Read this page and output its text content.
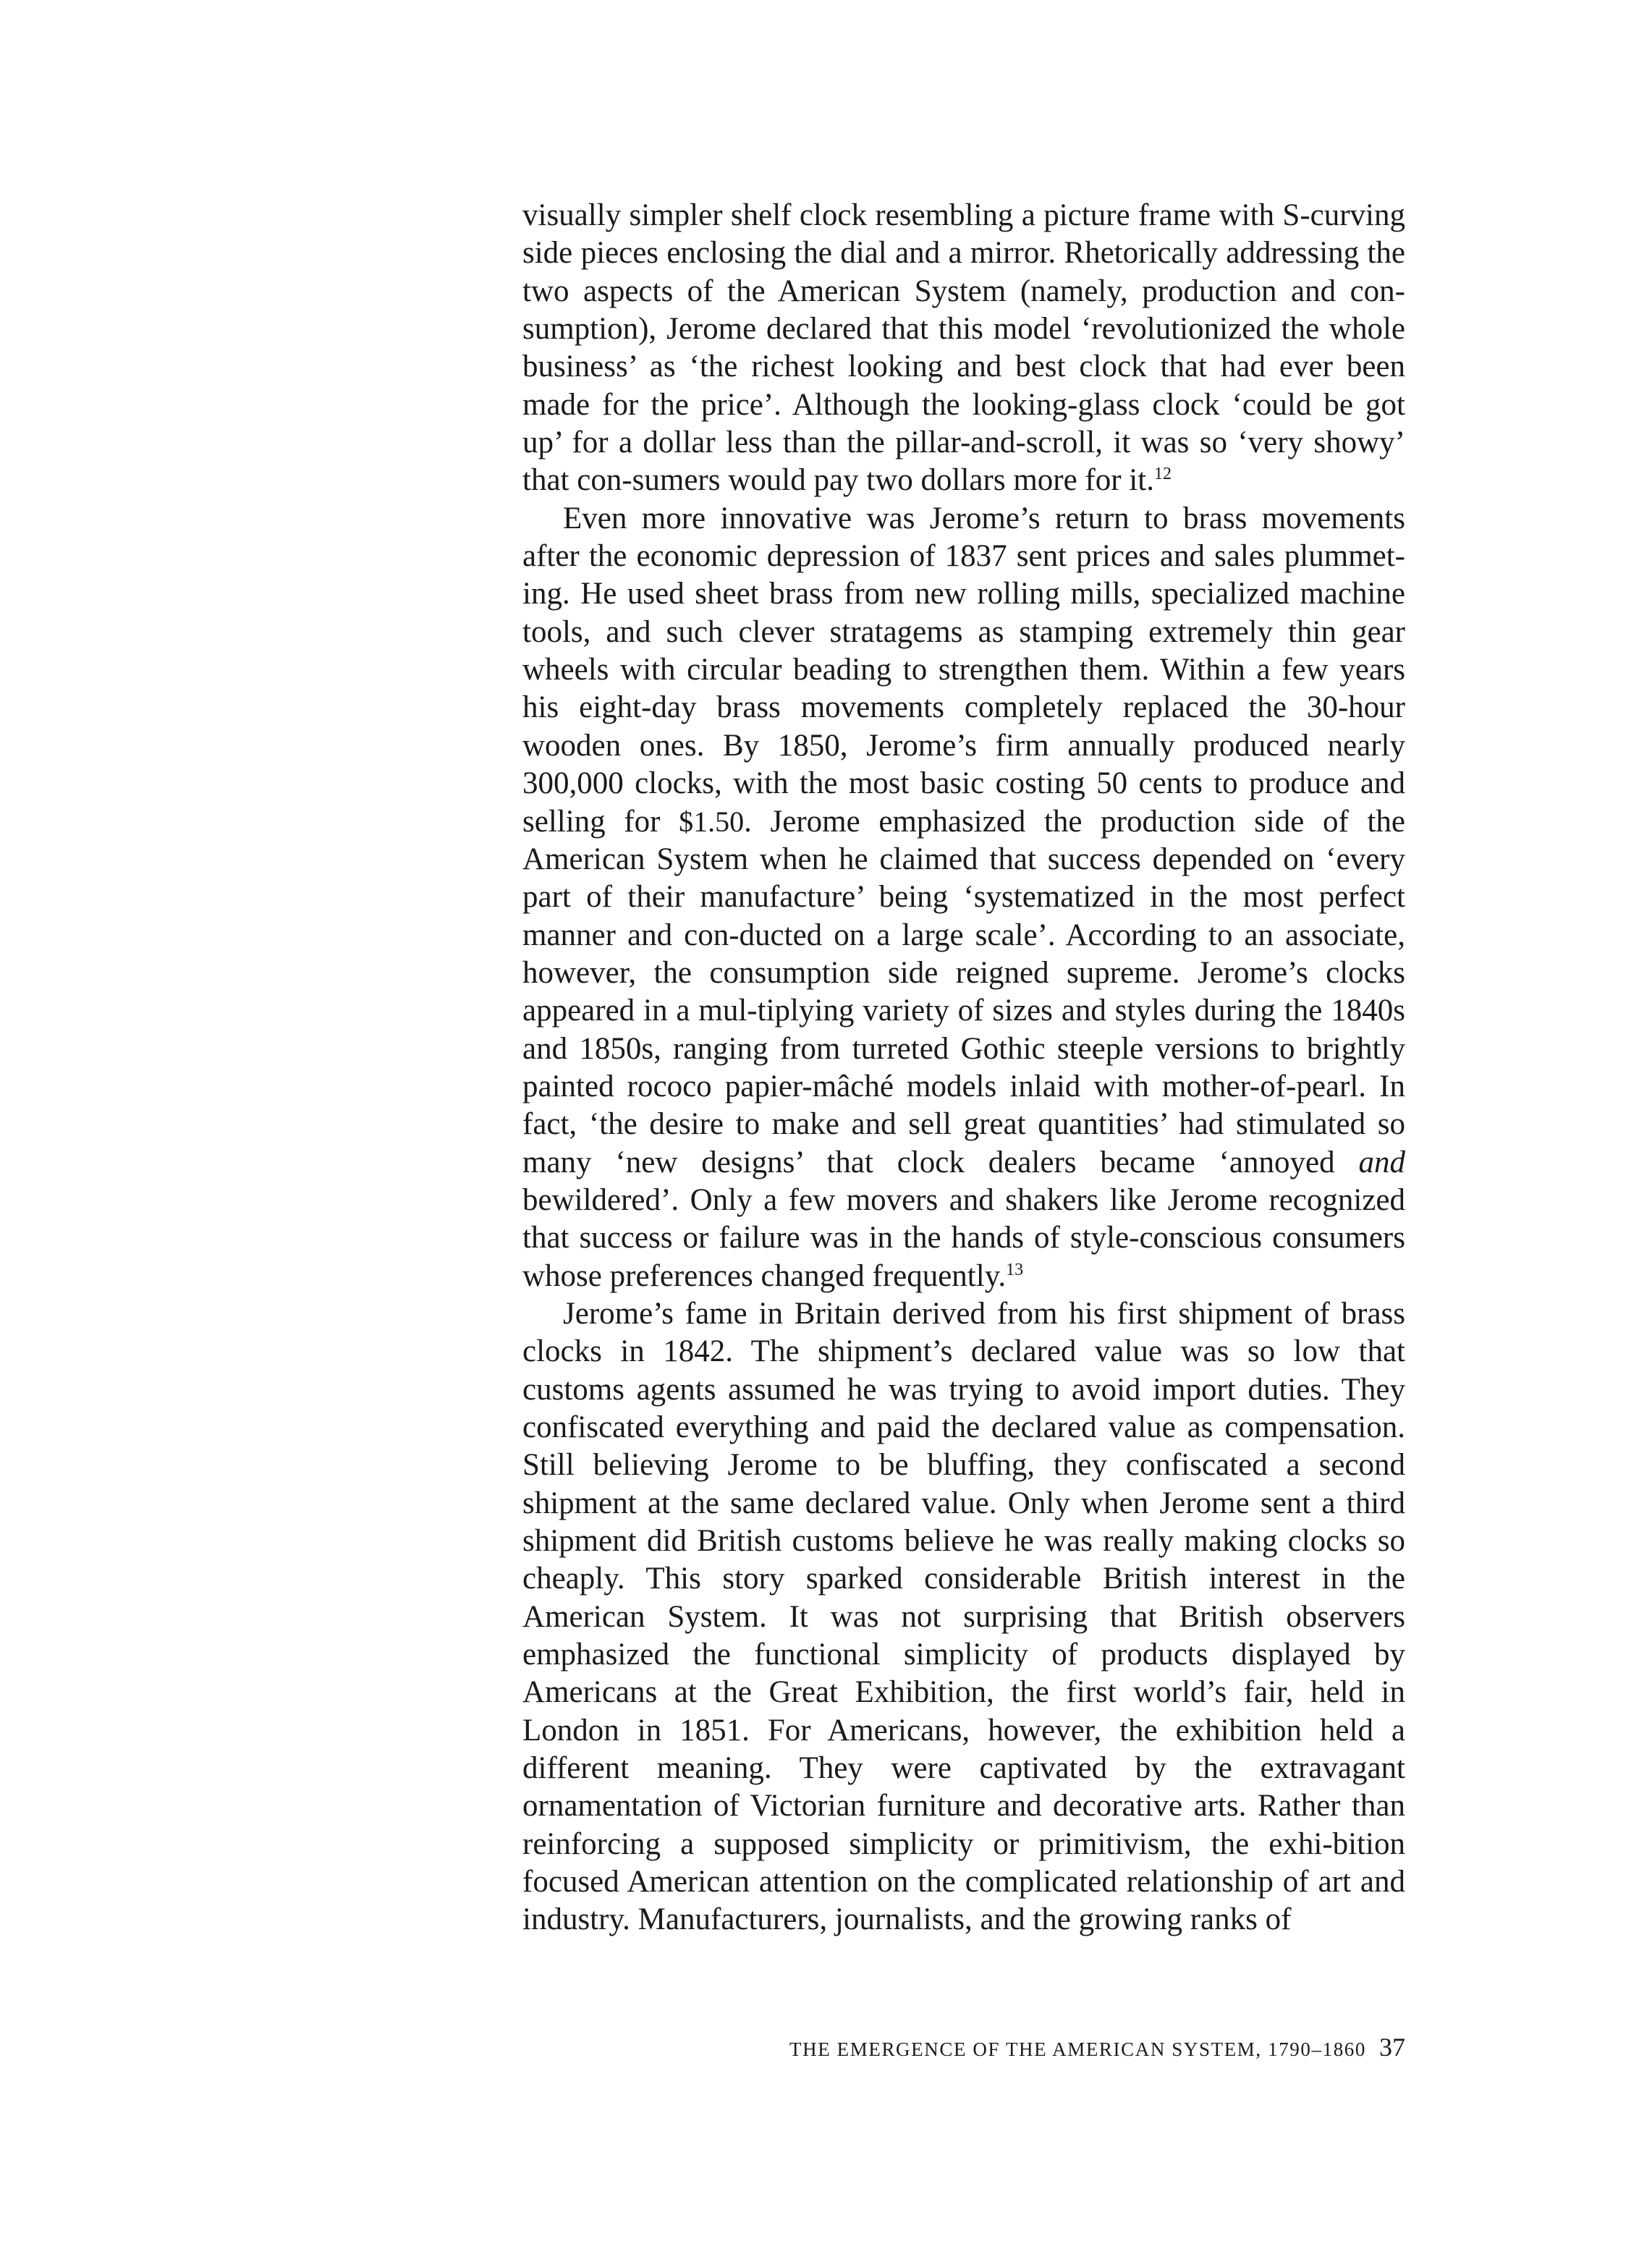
visually simpler shelf clock resembling a picture frame with S-curving side pieces enclosing the dial and a mirror. Rhetorically addressing the two aspects of the American System (namely, production and con-sumption), Jerome declared that this model ‘revolutionized the whole business’ as ‘the richest looking and best clock that had ever been made for the price’. Although the looking-glass clock ‘could be got up’ for a dollar less than the pillar-and-scroll, it was so ‘very showy’ that con-sumers would pay two dollars more for it.$^{12}$

Even more innovative was Jerome’s return to brass movements after the economic depression of 1837 sent prices and sales plummet-ing. He used sheet brass from new rolling mills, specialized machine tools, and such clever stratagems as stamping extremely thin gear wheels with circular beading to strengthen them. Within a few years his eight-day brass movements completely replaced the 30-hour wooden ones. By 1850, Jerome’s firm annually produced nearly 300,000 clocks, with the most basic costing 50 cents to produce and selling for $1.50. Jerome emphasized the production side of the American System when he claimed that success depended on ‘every part of their manufacture’ being ‘systematized in the most perfect manner and con-ducted on a large scale’. According to an associate, however, the consumption side reigned supreme. Jerome’s clocks appeared in a mul-tiplying variety of sizes and styles during the 1840s and 1850s, ranging from turreted Gothic steeple versions to brightly painted rococo papier-mâché models inlaid with mother-of-pearl. In fact, ‘the desire to make and sell great quantities’ had stimulated so many ‘new designs’ that clock dealers became ‘annoyed and bewildered’. Only a few movers and shakers like Jerome recognized that success or failure was in the hands of style-conscious consumers whose preferences changed frequently.$^{13}$

Jerome’s fame in Britain derived from his first shipment of brass clocks in 1842. The shipment’s declared value was so low that customs agents assumed he was trying to avoid import duties. They confiscated everything and paid the declared value as compensation. Still believing Jerome to be bluffing, they confiscated a second shipment at the same declared value. Only when Jerome sent a third shipment did British customs believe he was really making clocks so cheaply. This story sparked considerable British interest in the American System. It was not surprising that British observers emphasized the functional simplicity of products displayed by Americans at the Great Exhibition, the first world’s fair, held in London in 1851. For Americans, however, the exhibition held a different meaning. They were captivated by the extravagant ornamentation of Victorian furniture and decorative arts. Rather than reinforcing a supposed simplicity or primitivism, the exhi-bition focused American attention on the complicated relationship of art and industry. Manufacturers, journalists, and the growing ranks of

THE EMERGENCE OF THE AMERICAN SYSTEM, 1790–1860 37
